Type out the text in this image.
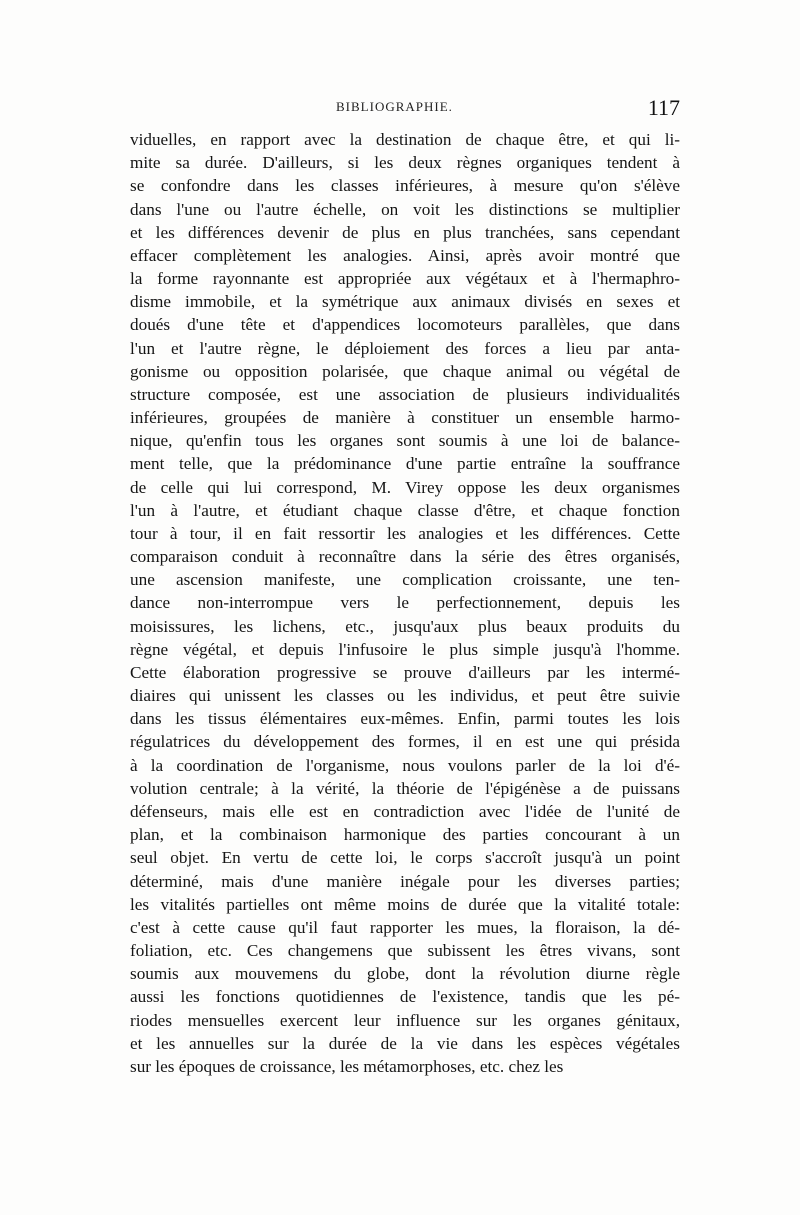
BIBLIOGRAPHIE.	117
viduelles, en rapport avec la destination de chaque être, et qui li-
mite sa durée. D'ailleurs, si les deux règnes organiques tendent à
se confondre dans les classes inférieures, à mesure qu'on s'élève
dans l'une ou l'autre échelle, on voit les distinctions se multiplier
et les différences devenir de plus en plus tranchées, sans cependant
effacer complètement les analogies. Ainsi, après avoir montré que
la forme rayonnante est appropriée aux végétaux et à l'hermaphro-
disme immobile, et la symétrique aux animaux divisés en sexes et
doués d'une tête et d'appendices locomoteurs parallèles, que dans
l'un et l'autre règne, le déploiement des forces a lieu par anta-
gonisme ou opposition polarisée, que chaque animal ou végétal de
structure composée, est une association de plusieurs individualités
inférieures, groupées de manière à constituer un ensemble harmo-
nique, qu'enfin tous les organes sont soumis à une loi de balance-
ment telle, que la prédominance d'une partie entraîne la souffrance
de celle qui lui correspond, M. Virey oppose les deux organismes
l'un à l'autre, et étudiant chaque classe d'être, et chaque fonction
tour à tour, il en fait ressortir les analogies et les différences. Cette
comparaison conduit à reconnaître dans la série des êtres organisés,
une ascension manifeste, une complication croissante, une ten-
dance non-interrompue vers le perfectionnement, depuis les
moisissures, les lichens, etc., jusqu'aux plus beaux produits du
règne végétal, et depuis l'infusoire le plus simple jusqu'à l'homme.
Cette élaboration progressive se prouve d'ailleurs par les intermé-
diaires qui unissent les classes ou les individus, et peut être suivie
dans les tissus élémentaires eux-mêmes. Enfin, parmi toutes les lois
régulatrices du développement des formes, il en est une qui présida
à la coordination de l'organisme, nous voulons parler de la loi d'é-
volution centrale; à la vérité, la théorie de l'épigénèse a de puissans
défenseurs, mais elle est en contradiction avec l'idée de l'unité de
plan, et la combinaison harmonique des parties concourant à un
seul objet. En vertu de cette loi, le corps s'accroît jusqu'à un point
déterminé, mais d'une manière inégale pour les diverses parties;
les vitalités partielles ont même moins de durée que la vitalité totale:
c'est à cette cause qu'il faut rapporter les mues, la floraison, la dé-
foliation, etc. Ces changemens que subissent les êtres vivans, sont
soumis aux mouvemens du globe, dont la révolution diurne règle
aussi les fonctions quotidiennes de l'existence, tandis que les pé-
riodes mensuelles exercent leur influence sur les organes génitaux,
et les annuelles sur la durée de la vie dans les espèces végétales
sur les époques de croissance, les métamorphoses, etc. chez les
